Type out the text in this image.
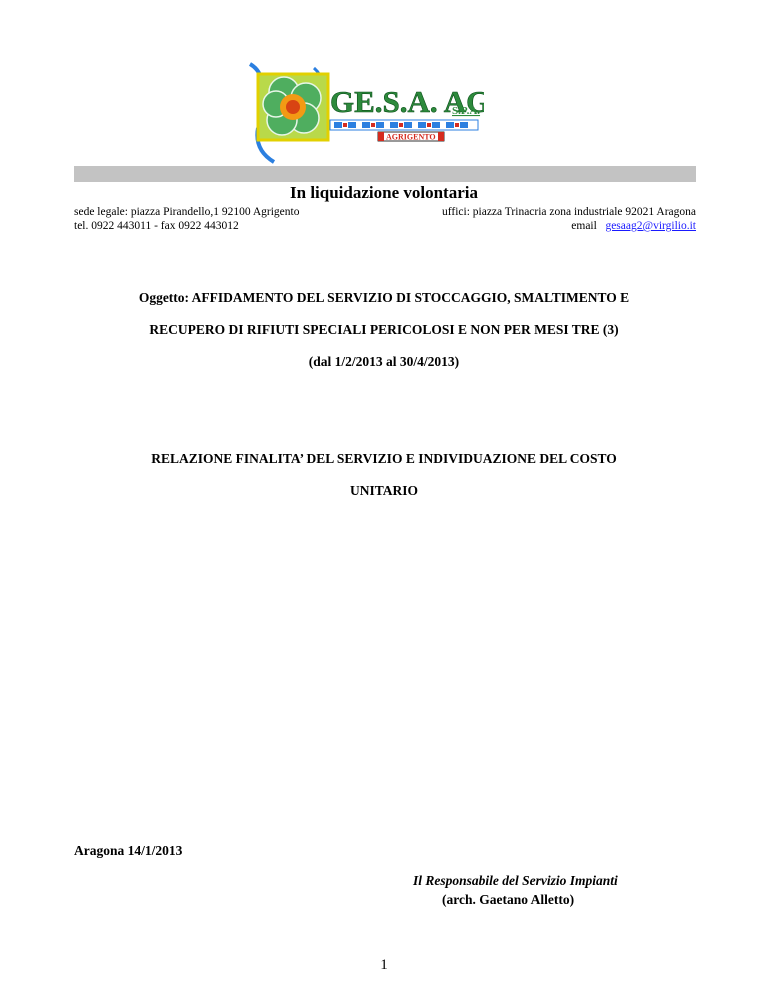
GE.S.A. AG
S.P.A.
AGRIGENTO
In liquidazione volontaria
sede legale: piazza Pirandello,1 92100 Agrigento
tel. 0922 443011 - fax 0922 443012
uffici: piazza Trinacria zona industriale 92021 Aragona
email gesaag2@virgilio.it
Oggetto: AFFIDAMENTO DEL SERVIZIO DI STOCCAGGIO, SMALTIMENTO E
RECUPERO DI RIFIUTI SPECIALI PERICOLOSI E NON PER MESI TRE (3)
(dal 1/2/2013 al 30/4/2013)
RELAZIONE FINALITA’ DEL SERVIZIO E INDIVIDUAZIONE DEL COSTO
UNITARIO
Aragona 14/1/2013
Il Responsabile del Servizio Impianti
(arch. Gaetano Alletto)
1
